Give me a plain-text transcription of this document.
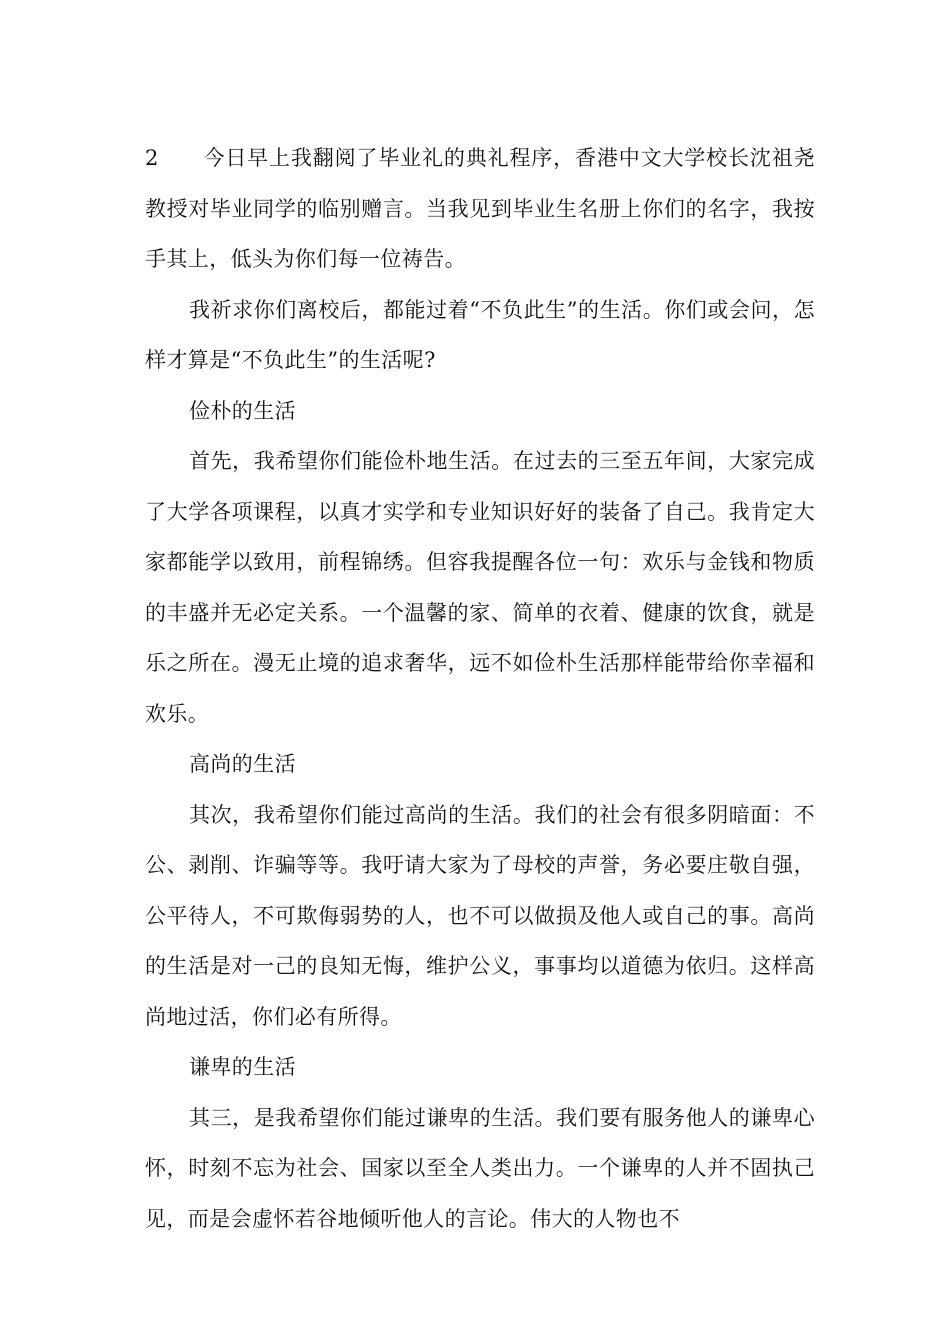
2 今日早上我翻阅了毕业礼的典礼程序，香港中文大学校长沈祖尧教授对毕业同学的临别赠言。当我见到毕业生名册上你们的名字，我按手其上，低头为你们每一位祷告。

我祈求你们离校后，都能过着“不负此生”的生活。你们或会问，怎样才算是“不负此生”的生活呢?

俭朴的生活

首先，我希望你们能俭朴地生活。在过去的三至五年间，大家完成了大学各项课程，以真才实学和专业知识好好的装备了自己。我肯定大家都能学以致用，前程锦绣。但容我提醒各位一句：欢乐与金钱和物质的丰盛并无必定关系。一个温馨的家、简单的衣着、健康的饮食，就是乐之所在。漫无止境的追求奢华，远不如俭朴生活那样能带给你幸福和欢乐。

高尚的生活

其次，我希望你们能过高尚的生活。我们的社会有很多阴暗面：不公、剥削、诈骗等等。我吁请大家为了母校的声誉，务必要庄敬自强，公平待人，不可欺侮弱势的人，也不可以做损及他人或自己的事。高尚的生活是对一己的良知无悔，维护公义，事事均以道德为依归。这样高尚地过活，你们必有所得。

谦卑的生活

其三，是我希望你们能过谦卑的生活。我们要有服务他人的谦卑心怀，时刻不忘为社会、国家以至全人类出力。一个谦卑的人并不固执己见，而是会虚怀若谷地倾听他人的言论。伟大的人物也不
